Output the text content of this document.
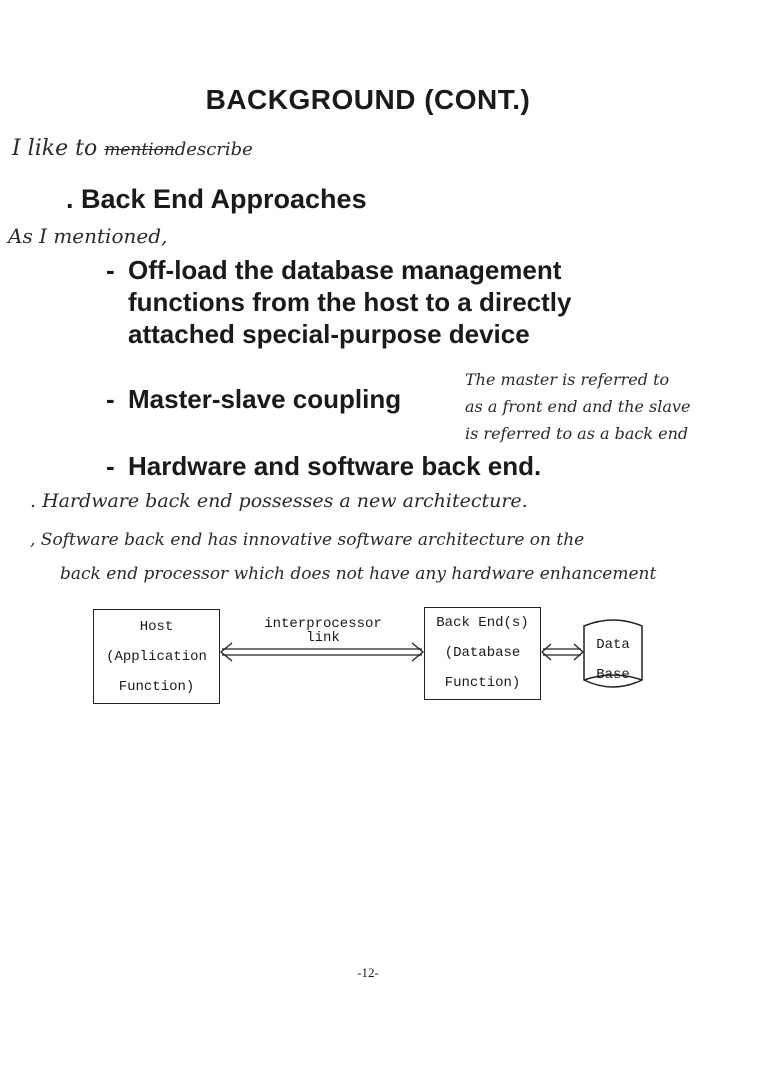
BACKGROUND (CONT.)
I like to mentiondescribe
. Back End Approaches
As I mentioned,
- Off-load the database management
functions from the host to a directly
attached special-purpose device
- Master-slave coupling
The master is referred to
as a front end and the slave
is referred to as a back end
- Hardware and software back end.
. Hardware back end possesses a new architecture.
, Software back end has innovative software architecture on the
back end processor which does not have any hardware enhancement
Host
(Application
Function)
interprocessor
link
Back End(s)
(Database
Function)
Data
Base
-12-
